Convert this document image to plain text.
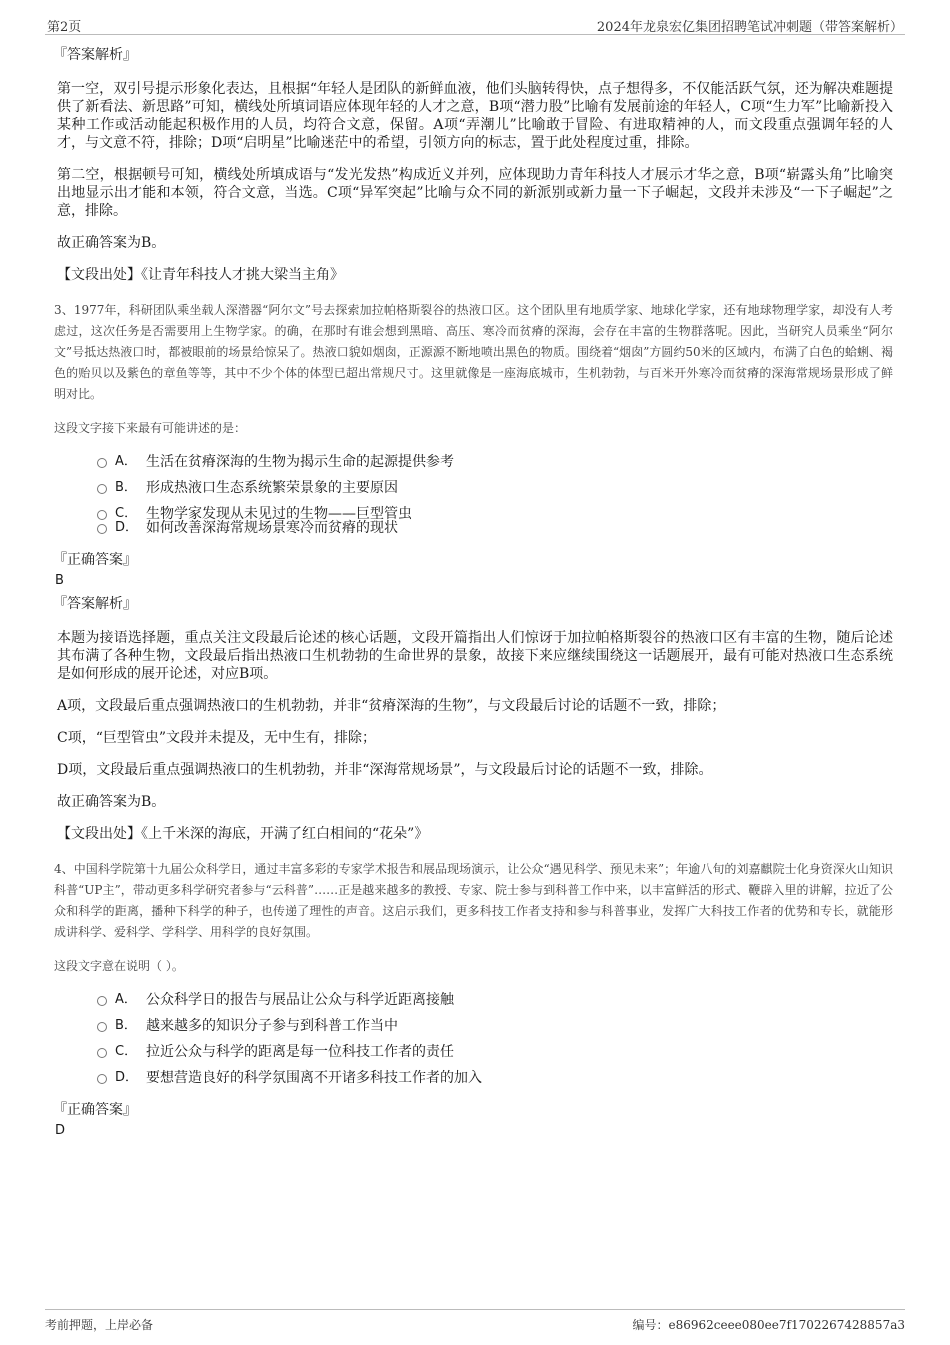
第2页	2024年龙泉宏亿集团招聘笔试冲刺题（带答案解析）
『答案解析』
第一空，双引号提示形象化表达，且根据“年轻人是团队的新鲜血液，他们头脑转得快，点子想得多，不仅能活跃气氛，还为解决难题提供了新看法、新思路”可知，横线处所填词语应体现年轻的人才之意，B项“潜力股”比喻有发展前途的年轻人，C项“生力军”比喻新投入某种工作或活动能起积极作用的人员，均符合文意，保留。A项“弄潮儿”比喻敢于冒险、有进取精神的人，而文段重点强调年轻的人才，与文意不符，排除；D项“启明星”比喻迷茫中的希望，引领方向的标志，置于此处程度过重，排除。
第二空，根据顿号可知，横线处所填成语与“发光发热”构成近义并列，应体现助力青年科技人才展示才华之意，B项“崭露头角”比喻突出地显示出才能和本领，符合文意，当选。C项“异军突起”比喻与众不同的新派别或新力量一下子崛起，文段并未涉及“一下子崛起”之意，排除。
故正确答案为B。
【文段出处】《让青年科技人才挑大梁当主角》
3、1977年，科研团队乘坐载人深潜器“阿尔文”号去探索加拉帕格斯裂谷的热液口区。这个团队里有地质学家、地球化学家，还有地球物理学家，却没有人考虑过，这次任务是否需要用上生物学家。的确，在那时有谁会想到黑暗、高压、寒冷而贫瘠的深海，会存在丰富的生物群落呢。因此，当研究人员乘坐“阿尔文”号抵达热液口时，都被眼前的场景给惊呆了。热液口貌如烟囱，正源源不断地喷出黑色的物质。围绕着“烟囱”方圆约50米的区域内，布满了白色的蛤蜊、褐色的贻贝以及紫色的章鱼等等，其中不少个体的体型已超出常规尺寸。这里就像是一座海底城市，生机勃勃，与百米开外寒冷而贫瘠的深海常规场景形成了鲜明对比。
这段文字接下来最有可能讲述的是：
A． 生活在贫瘠深海的生物为揭示生命的起源提供参考
B． 形成热液口生态系统繁荣景象的主要原因
C． 生物学家发现从未见过的生物——巨型管虫
D． 如何改善深海常规场景寒冷而贫瘠的现状
『正确答案』
B
『答案解析』
本题为接语选择题，重点关注文段最后论述的核心话题，文段开篇指出人们惊讶于加拉帕格斯裂谷的热液口区有丰富的生物，随后论述其布满了各种生物，文段最后指出热液口生机勃勃的生命世界的景象，故接下来应继续围绕这一话题展开，最有可能对热液口生态系统是如何形成的展开论述，对应B项。
A项，文段最后重点强调热液口的生机勃勃，并非“贫瘠深海的生物”，与文段最后讨论的话题不一致，排除；
C项，“巨型管虫”文段并未提及，无中生有，排除；
D项，文段最后重点强调热液口的生机勃勃，并非“深海常规场景”，与文段最后讨论的话题不一致，排除。
故正确答案为B。
【文段出处】《上千米深的海底，开满了红白相间的“花朵”》
4、中国科学院第十九届公众科学日，通过丰富多彩的专家学术报告和展品现场演示，让公众“遇见科学、预见未来”；年逾八旬的刘嘉麒院士化身资深火山知识科普“UP主”，带动更多科学研究者参与“云科普”……正是越来越多的教授、专家、院士参与到科普工作中来，以丰富鲜活的形式、鞭辟入里的讲解，拉近了公众和科学的距离，播种下科学的种子，也传递了理性的声音。这启示我们，更多科技工作者支持和参与科普事业，发挥广大科技工作者的优势和专长，就能形成讲科学、爱科学、学科学、用科学的良好氛围。
这段文字意在说明（ ）。
A． 公众科学日的报告与展品让公众与科学近距离接触
B． 越来越多的知识分子参与到科普工作当中
C． 拉近公众与科学的距离是每一位科技工作者的责任
D． 要想营造良好的科学氛围离不开诸多科技工作者的加入
『正确答案』
D
考前押题，上岸必备	编号：e86962ceee080ee7f1702267428857a3
